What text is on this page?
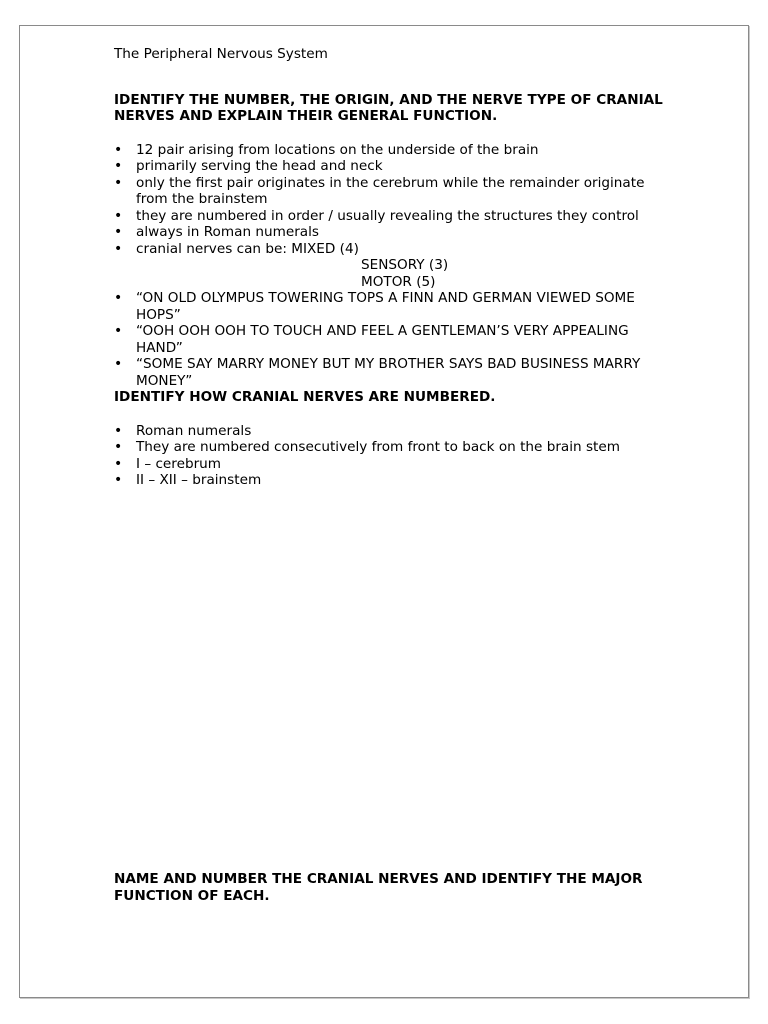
The Peripheral Nervous System

IDENTIFY THE NUMBER, THE ORIGIN, AND THE NERVE TYPE OF CRANIAL NERVES AND EXPLAIN THEIR GENERAL FUNCTION.

• 12 pair arising from locations on the underside of the brain
• primarily serving the head and neck
• only the first pair originates in the cerebrum while the remainder originate from the brainstem
• they are numbered in order / usually revealing the structures they control
• always in Roman numerals
• cranial nerves can be: MIXED (4)
SENSORY (3)
MOTOR (5)
• “ON OLD OLYMPUS TOWERING TOPS A FINN AND GERMAN VIEWED SOME HOPS”
• “OOH OOH OOH TO TOUCH AND FEEL A GENTLEMAN’S VERY APPEALING HAND”
• “SOME SAY MARRY MONEY BUT MY BROTHER SAYS BAD BUSINESS MARRY MONEY”

IDENTIFY HOW CRANIAL NERVES ARE NUMBERED.

• Roman numerals
• They are numbered consecutively from front to back on the brain stem
• I – cerebrum
• II – XII – brainstem

NAME AND NUMBER THE CRANIAL NERVES AND IDENTIFY THE MAJOR FUNCTION OF EACH.
